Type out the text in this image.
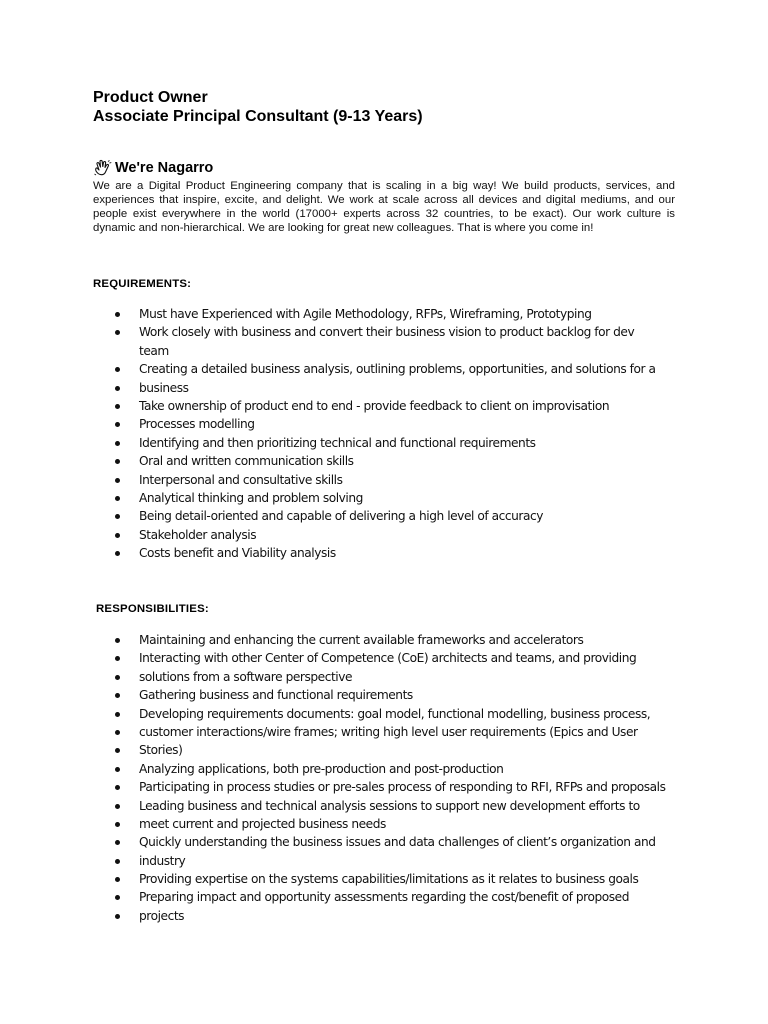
Product Owner
Associate Principal Consultant (9-13 Years)
We're Nagarro

We are a Digital Product Engineering company that is scaling in a big way! We build products, services, and experiences that inspire, excite, and delight. We work at scale across all devices and digital mediums, and our people exist everywhere in the world (17000+ experts across 32 countries, to be exact). Our work culture is dynamic and non-hierarchical. We are looking for great new colleagues. That is where you come in!

REQUIREMENTS:
Must have Experienced with Agile Methodology, RFPs, Wireframing, Prototyping
Work closely with business and convert their business vision to product backlog for dev
team
Creating a detailed business analysis, outlining problems, opportunities, and solutions for a
business
Take ownership of product end to end - provide feedback to client on improvisation
Processes modelling
Identifying and then prioritizing technical and functional requirements
Oral and written communication skills
Interpersonal and consultative skills
Analytical thinking and problem solving
Being detail-oriented and capable of delivering a high level of accuracy
Stakeholder analysis
Costs benefit and Viability analysis
RESPONSIBILITIES:
Maintaining and enhancing the current available frameworks and accelerators
Interacting with other Center of Competence (CoE) architects and teams, and providing
solutions from a software perspective
Gathering business and functional requirements
Developing requirements documents: goal model, functional modelling, business process,
customer interactions/wire frames; writing high level user requirements (Epics and User
Stories)
Analyzing applications, both pre-production and post-production
Participating in process studies or pre-sales process of responding to RFI, RFPs and proposals
Leading business and technical analysis sessions to support new development efforts to
meet current and projected business needs
Quickly understanding the business issues and data challenges of client’s organization and
industry
Providing expertise on the systems capabilities/limitations as it relates to business goals
Preparing impact and opportunity assessments regarding the cost/benefit of proposed
projects
